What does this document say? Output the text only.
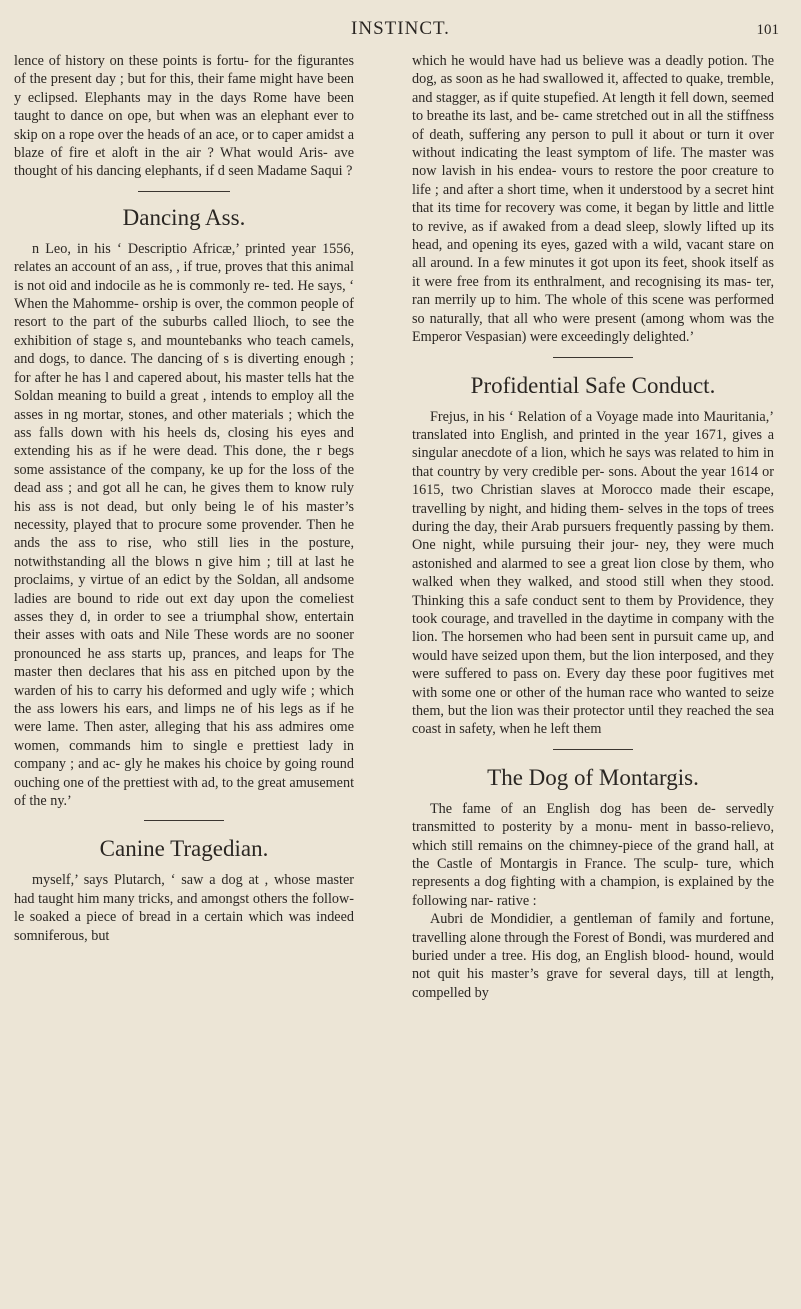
INSTINCT.	101

lence of history on these points is fortu- for the figurantes of the present day ; but for this, their fame might have been y eclipsed. Elephants may in the days Rome have been taught to dance on ope, but when was an elephant ever to skip on a rope over the heads of an ace, or to caper amidst a blaze of fire et aloft in the air ? What would Aris- ave thought of his dancing elephants, if d seen Madame Saqui ?

Dancing Ass.

n Leo, in his ‘ Descriptio Africæ,’ printed year 1556, relates an account of an ass, , if true, proves that this animal is not oid and indocile as he is commonly re- ted. He says, ‘ When the Mahomme- orship is over, the common people of resort to the part of the suburbs called llioch, to see the exhibition of stage s, and mountebanks who teach camels, and dogs, to dance. The dancing of s is diverting enough ; for after he has l and capered about, his master tells hat the Soldan meaning to build a great , intends to employ all the asses in ng mortar, stones, and other materials ; which the ass falls down with his heels ds, closing his eyes and extending his as if he were dead. This done, the r begs some assistance of the company, ke up for the loss of the dead ass ; and got all he can, he gives them to know ruly his ass is not dead, but only being le of his master’s necessity, played that to procure some provender. Then he ands the ass to rise, who still lies in the posture, notwithstanding all the blows n give him ; till at last he proclaims, y virtue of an edict by the Soldan, all andsome ladies are bound to ride out ext day upon the comeliest asses they d, in order to see a triumphal show, entertain their asses with oats and Nile These words are no sooner pronounced he ass starts up, prances, and leaps for The master then declares that his ass en pitched upon by the warden of his to carry his deformed and ugly wife ; which the ass lowers his ears, and limps ne of his legs as if he were lame. Then aster, alleging that his ass admires ome women, commands him to single e prettiest lady in company ; and ac- gly he makes his choice by going round ouching one of the prettiest with ad, to the great amusement of the ny.’

Canine Tragedian.

myself,’ says Plutarch, ‘ saw a dog at , whose master had taught him many tricks, and amongst others the follow- le soaked a piece of bread in a certain which was indeed somniferous, but

which he would have had us believe was a deadly potion. The dog, as soon as he had swallowed it, affected to quake, tremble, and stagger, as if quite stupefied. At length it fell down, seemed to breathe its last, and be- came stretched out in all the stiffness of death, suffering any person to pull it about or turn it over without indicating the least symptom of life. The master was now lavish in his endea- vours to restore the poor creature to life ; and after a short time, when it understood by a secret hint that its time for recovery was come, it began by little and little to revive, as if awaked from a dead sleep, slowly lifted up its head, and opening its eyes, gazed with a wild, vacant stare on all around. In a few minutes it got upon its feet, shook itself as it were free from its enthralment, and recognising its mas- ter, ran merrily up to him. The whole of this scene was performed so naturally, that all who were present (among whom was the Emperor Vespasian) were exceedingly delighted.’

Profidential Safe Conduct.

Frejus, in his ‘ Relation of a Voyage made into Mauritania,’ translated into English, and printed in the year 1671, gives a singular anecdote of a lion, which he says was related to him in that country by very credible per- sons. About the year 1614 or 1615, two Christian slaves at Morocco made their escape, travelling by night, and hiding them- selves in the tops of trees during the day, their Arab pursuers frequently passing by them. One night, while pursuing their jour- ney, they were much astonished and alarmed to see a great lion close by them, who walked when they walked, and stood still when they stood. Thinking this a safe conduct sent to them by Providence, they took courage, and travelled in the daytime in company with the lion. The horsemen who had been sent in pursuit came up, and would have seized upon them, but the lion interposed, and they were suffered to pass on. Every day these poor fugitives met with some one or other of the human race who wanted to seize them, but the lion was their protector until they reached the sea coast in safety, when he left them

The Dog of Montargis.

The fame of an English dog has been de- servedly transmitted to posterity by a monu- ment in basso-relievo, which still remains on the chimney-piece of the grand hall, at the Castle of Montargis in France. The sculp- ture, which represents a dog fighting with a champion, is explained by the following nar- rative :

Aubri de Mondidier, a gentleman of family and fortune, travelling alone through the Forest of Bondi, was murdered and buried under a tree. His dog, an English blood- hound, would not quit his master’s grave for several days, till at length, compelled by
